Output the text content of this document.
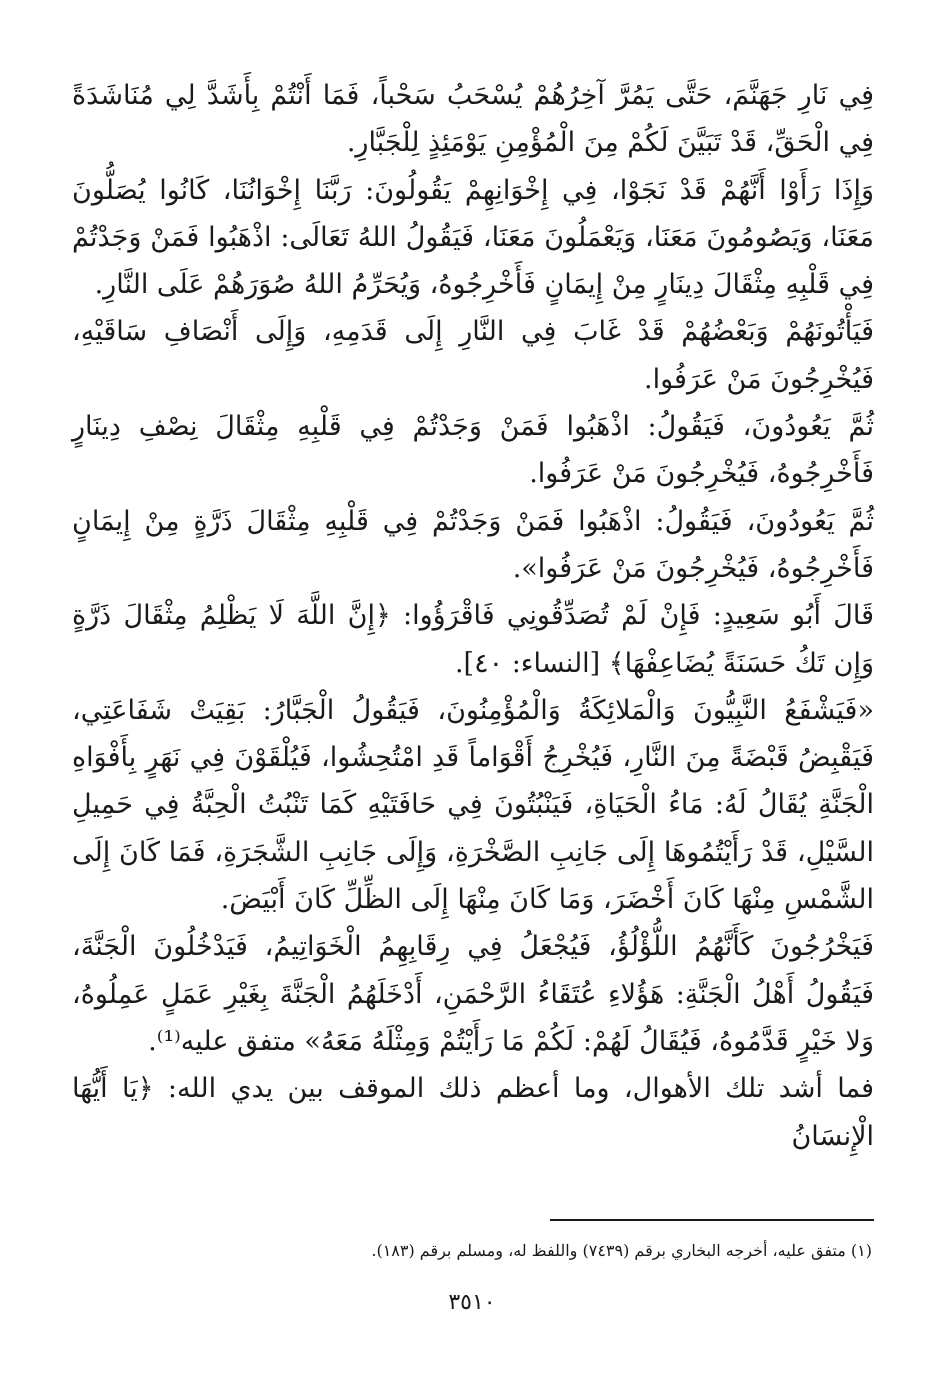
فِي نَارِ جَهَنَّمَ، حَتَّى يَمُرَّ آخِرُهُمْ يُسْحَبُ سَحْباً، فَمَا أَنْتُمْ بِأَشَدَّ لِي مُنَاشَدَةً فِي الْحَقِّ، قَدْ تَبَيَّنَ لَكُمْ مِنَ الْمُؤْمِنِ يَوْمَئِذٍ لِلْجَبَّارِ.

وَإِذَا رَأَوْا أَنَّهُمْ قَدْ نَجَوْا، فِي إِخْوَانِهِمْ يَقُولُونَ: رَبَّنَا إِخْوَانُنَا، كَانُوا يُصَلُّونَ مَعَنَا، وَيَصُومُونَ مَعَنَا، وَيَعْمَلُونَ مَعَنَا، فَيَقُولُ اللهُ تَعَالَى: اذْهَبُوا فَمَنْ وَجَدْتُمْ فِي قَلْبِهِ مِثْقَالَ دِينَارٍ مِنْ إِيمَانٍ فَأَخْرِجُوهُ، وَيُحَرِّمُ اللهُ صُوَرَهُمْ عَلَى النَّارِ.

فَيَأْتُونَهُمْ وَبَعْضُهُمْ قَدْ غَابَ فِي النَّارِ إِلَى قَدَمِهِ، وَإِلَى أَنْصَافِ سَاقَيْهِ، فَيُخْرِجُونَ مَنْ عَرَفُوا.

ثُمَّ يَعُودُونَ، فَيَقُولُ: اذْهَبُوا فَمَنْ وَجَدْتُمْ فِي قَلْبِهِ مِثْقَالَ نِصْفِ دِينَارٍ فَأَخْرِجُوهُ، فَيُخْرِجُونَ مَنْ عَرَفُوا.

ثُمَّ يَعُودُونَ، فَيَقُولُ: اذْهَبُوا فَمَنْ وَجَدْتُمْ فِي قَلْبِهِ مِثْقَالَ ذَرَّةٍ مِنْ إِيمَانٍ فَأَخْرِجُوهُ، فَيُخْرِجُونَ مَنْ عَرَفُوا».

قَالَ أَبُو سَعِيدٍ: فَإِنْ لَمْ تُصَدِّقُونِي فَاقْرَؤُوا: ﴿إِنَّ اللَّهَ لَا يَظْلِمُ مِثْقَالَ ذَرَّةٍ وَإِن تَكُ حَسَنَةً يُضَاعِفْهَا﴾ [النساء: ٤٠].

«فَيَشْفَعُ النَّبِيُّونَ وَالْمَلائِكَةُ وَالْمُؤْمِنُونَ، فَيَقُولُ الْجَبَّارُ: بَقِيَتْ شَفَاعَتِي، فَيَقْبِضُ قَبْضَةً مِنَ النَّارِ، فَيُخْرِجُ أَقْوَاماً قَدِ امْتُحِشُوا، فَيُلْقَوْنَ فِي نَهَرٍ بِأَفْوَاهِ الْجَنَّةِ يُقَالُ لَهُ: مَاءُ الْحَيَاةِ، فَيَنْبُتُونَ فِي حَافَتَيْهِ كَمَا تَنْبُتُ الْحِبَّةُ فِي حَمِيلِ السَّيْلِ، قَدْ رَأَيْتُمُوهَا إِلَى جَانِبِ الصَّخْرَةِ، وَإِلَى جَانِبِ الشَّجَرَةِ، فَمَا كَانَ إِلَى الشَّمْسِ مِنْهَا كَانَ أَخْضَرَ، وَمَا كَانَ مِنْهَا إِلَى الظِّلِّ كَانَ أَبْيَضَ.

فَيَخْرُجُونَ كَأَنَّهُمُ اللُّؤْلُؤُ، فَيُجْعَلُ فِي رِقَابِهِمُ الْخَوَاتِيمُ، فَيَدْخُلُونَ الْجَنَّةَ، فَيَقُولُ أَهْلُ الْجَنَّةِ: هَؤُلاءِ عُتَقَاءُ الرَّحْمَنِ، أَدْخَلَهُمُ الْجَنَّةَ بِغَيْرِ عَمَلٍ عَمِلُوهُ، وَلا خَيْرٍ قَدَّمُوهُ، فَيُقَالُ لَهُمْ: لَكُمْ مَا رَأَيْتُمْ وَمِثْلَهُ مَعَهُ» متفق عليه⁽¹⁾.

فما أشد تلك الأهوال، وما أعظم ذلك الموقف بين يدي الله: ﴿يَا أَيُّهَا الْإِنسَانُ

(١) متفق عليه، أخرجه البخاري برقم (٧٤٣٩) واللفظ له، ومسلم برقم (١٨٣).
٣٥١٠
